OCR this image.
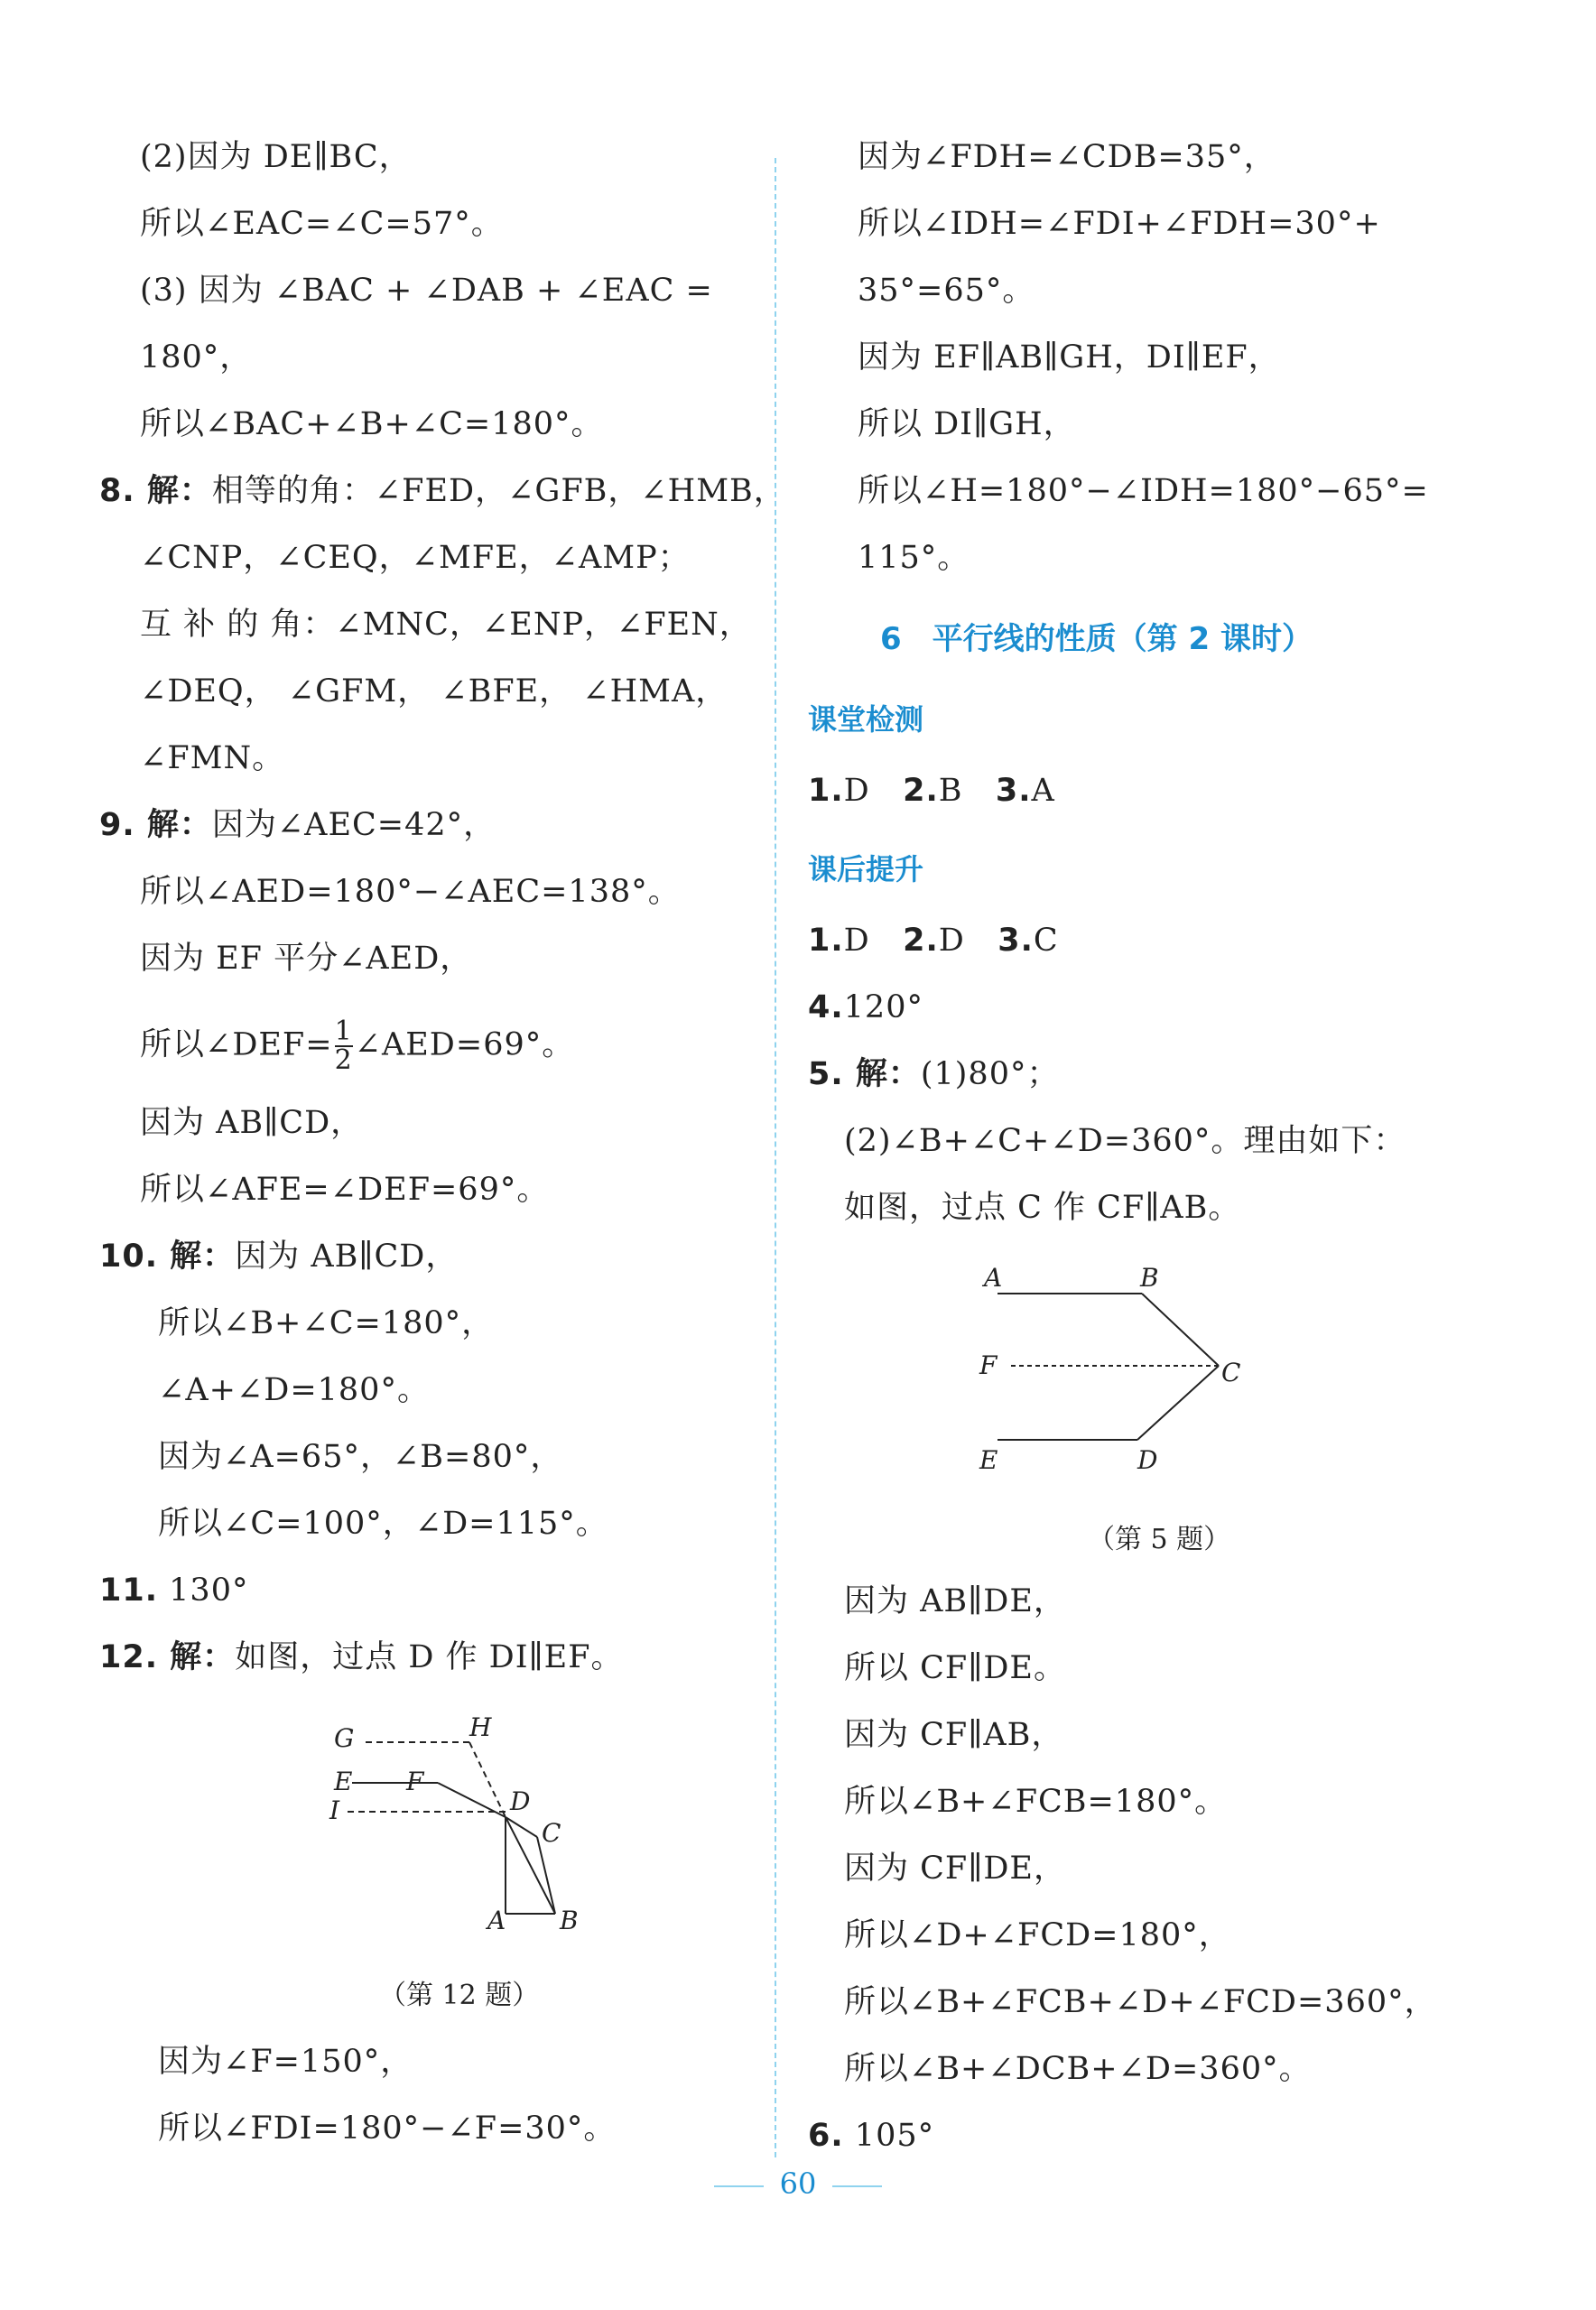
(2)因为 DE∥BC，
所以∠EAC=∠C=57°。
(3) 因为 ∠BAC + ∠DAB + ∠EAC =
180°，
所以∠BAC+∠B+∠C=180°。
8. 解：相等的角：∠FED，∠GFB，∠HMB，
∠CNP，∠CEQ，∠MFE，∠AMP；
互 补 的 角：∠MNC，∠ENP，∠FEN，
∠DEQ， ∠GFM， ∠BFE， ∠HMA，
∠FMN。
9. 解：因为∠AEC=42°，
所以∠AED=180°−∠AEC=138°。
因为 EF 平分∠AED，
所以∠DEF= $\frac{1}{2}$ ∠AED=69°。
因为 AB∥CD，
所以∠AFE=∠DEF=69°。
10. 解：因为 AB∥CD，
所以∠B+∠C=180°，
∠A+∠D=180°。
因为∠A=65°，∠B=80°，
所以∠C=100°，∠D=115°。
11. 130°
12. 解：如图，过点 D 作 DI∥EF。
G	H
E F
I	D
C
A B
（第 12 题）
因为∠F=150°，
所以∠FDI=180°−∠F=30°。
因为∠FDH=∠CDB=35°，
所以∠IDH=∠FDI+∠FDH=30°+
35°=65°。
因为 EF∥AB∥GH，DI∥EF，
所以 DI∥GH，
所以∠H=180°−∠IDH=180°−65°=
115°。
6　平行线的性质（第 2 课时）
课堂检测
1.D 2.B 3.A
课后提升
1.D 2.D 3.C
4.120°
5. 解：(1)80°；
(2)∠B+∠C+∠D=360°。理由如下：
如图，过点 C 作 CF∥AB。
A	B
F	C
E	D
（第 5 题）
因为 AB∥DE，
所以 CF∥DE。
因为 CF∥AB，
所以∠B+∠FCB=180°。
因为 CF∥DE，
所以∠D+∠FCD=180°，
所以∠B+∠FCB+∠D+∠FCD=360°，
所以∠B+∠DCB+∠D=360°。
6. 105°
60
